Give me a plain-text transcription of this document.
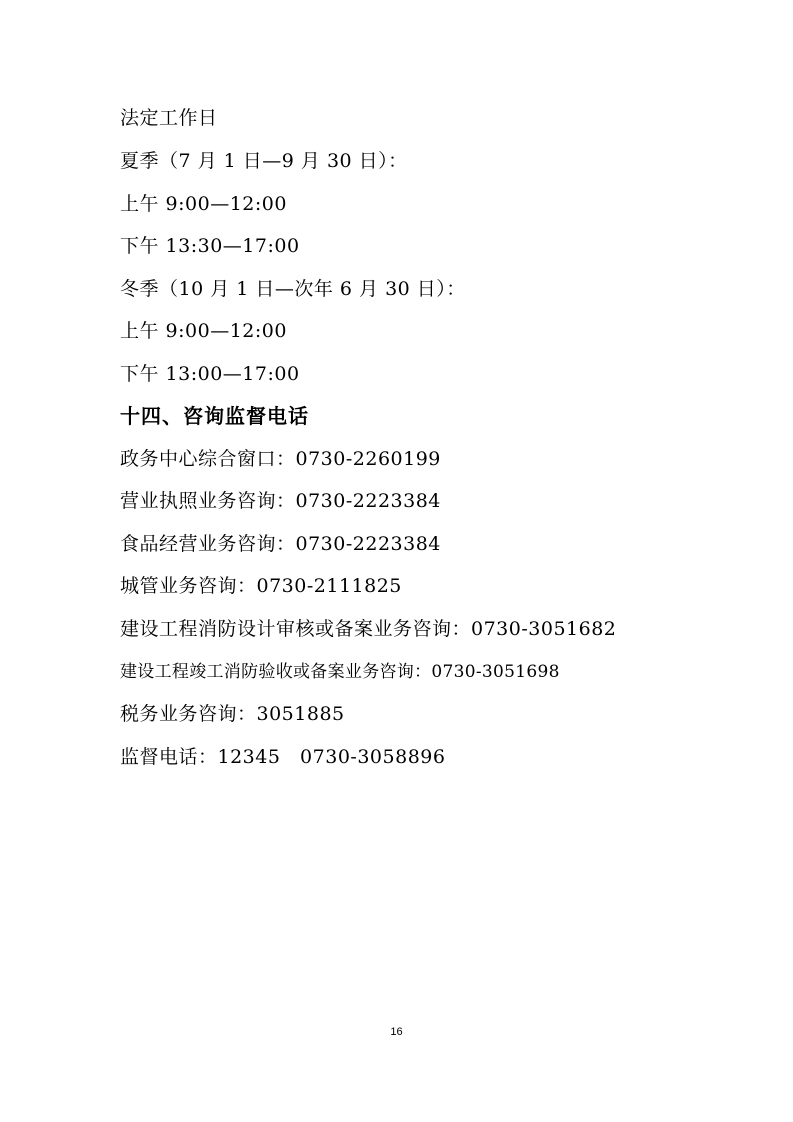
法定工作日
夏季（7 月 1 日—9 月 30 日）：
上午 9:00—12:00
下午 13:30—17:00
冬季（10 月 1 日—次年 6 月 30 日）：
上午 9:00—12:00
下午 13:00—17:00
十四、咨询监督电话
政务中心综合窗口：0730-2260199
营业执照业务咨询：0730-2223384
食品经营业务咨询：0730-2223384
城管业务咨询：0730-2111825
建设工程消防设计审核或备案业务咨询：0730-3051682
建设工程竣工消防验收或备案业务咨询：0730-3051698
税务业务咨询：3051885
监督电话：12345   0730-3058896
16
